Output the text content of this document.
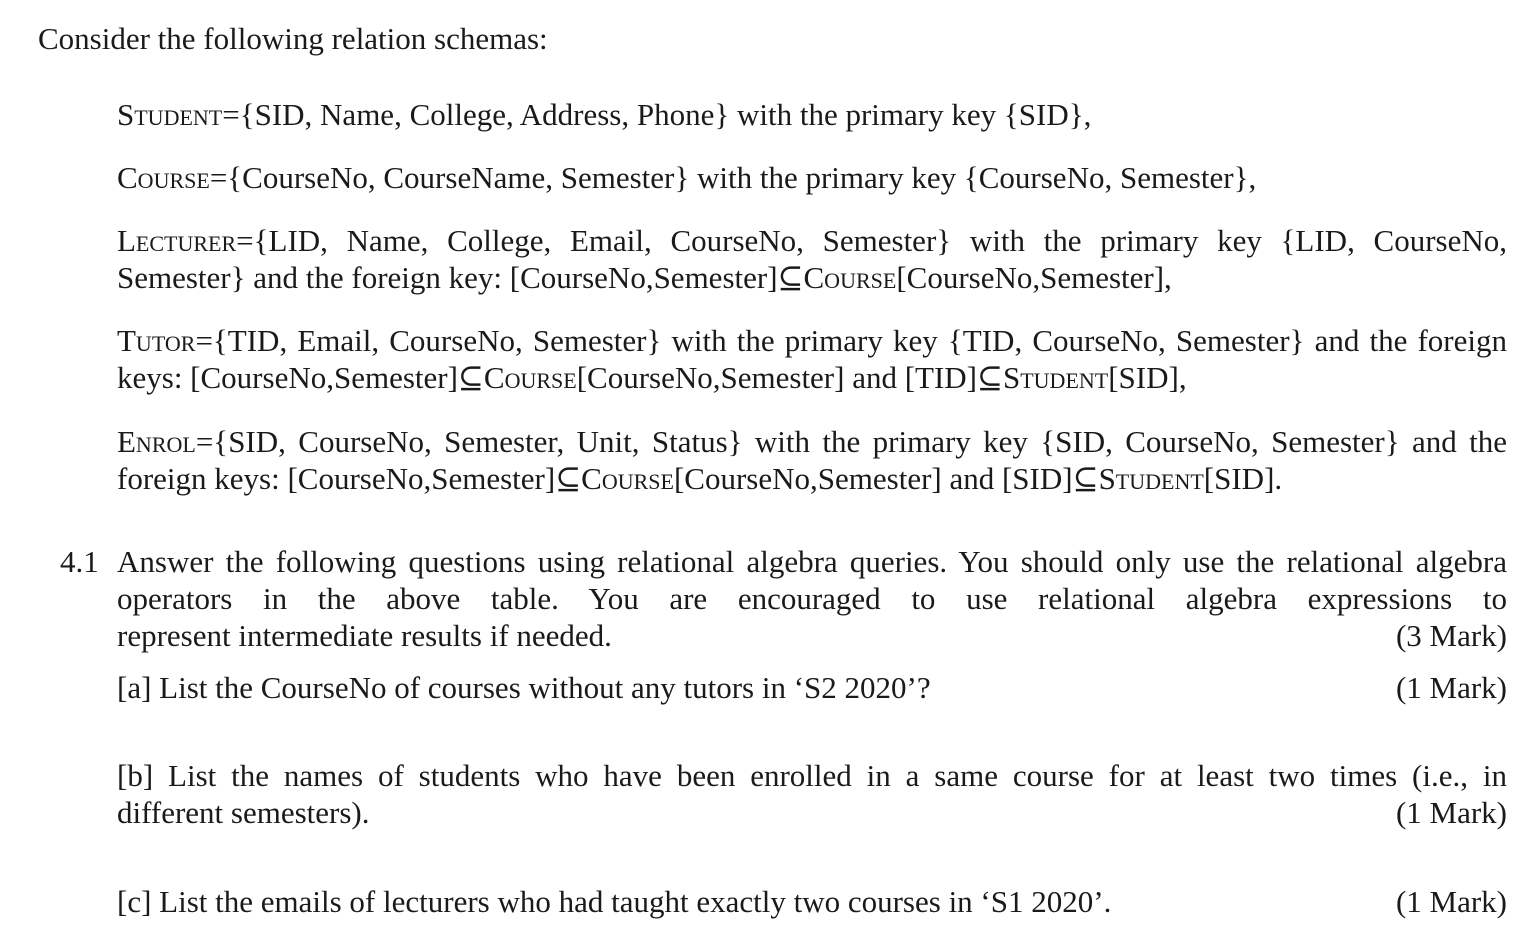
Consider the following relation schemas:
Student={SID, Name, College, Address, Phone} with the primary key {SID},
Course={CourseNo, CourseName, Semester} with the primary key {CourseNo, Semester},
Lecturer={LID, Name, College, Email, CourseNo, Semester} with the primary key {LID, CourseNo, Semester} and the foreign key: [CourseNo,Semester]⊆Course[CourseNo,Semester],
Tutor={TID, Email, CourseNo, Semester} with the primary key {TID, CourseNo, Semester} and the foreign keys: [CourseNo,Semester]⊆Course[CourseNo,Semester] and [TID]⊆Student[SID],
Enrol={SID, CourseNo, Semester, Unit, Status} with the primary key {SID, CourseNo, Semester} and the foreign keys: [CourseNo,Semester]⊆Course[CourseNo,Semester] and [SID]⊆Student[SID].
4.1 Answer the following questions using relational algebra queries. You should only use the relational algebra operators in the above table. You are encouraged to use relational algebra expressions to
represent intermediate results if needed.	(3 Mark)
[a] List the CourseNo of courses without any tutors in ‘S2 2020’?	(1 Mark)
[b] List the names of students who have been enrolled in a same course for at least two times (i.e., in
different semesters).	(1 Mark)
[c] List the emails of lecturers who had taught exactly two courses in ‘S1 2020’.	(1 Mark)
